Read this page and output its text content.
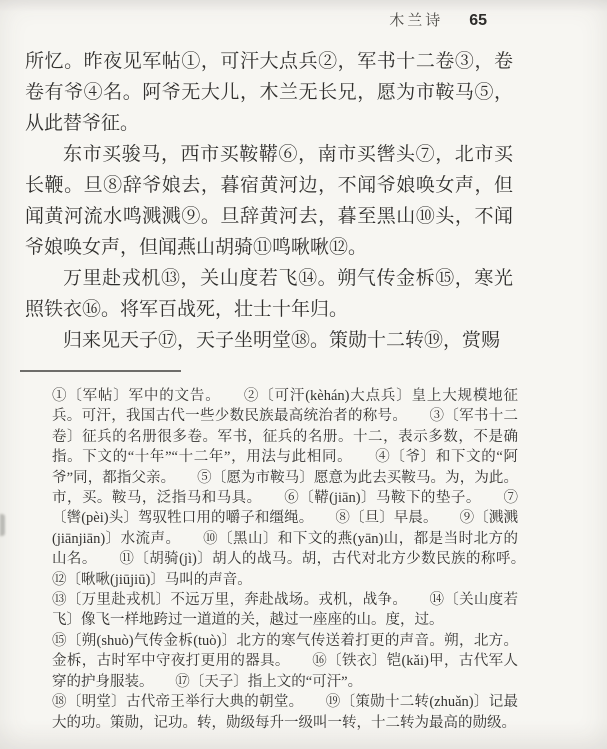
木兰诗 65

所忆。昨夜见军帖①，可汗大点兵②，军书十二卷③，卷卷有爷④名。阿爷无大儿，木兰无长兄，愿为市鞍马⑤，从此替爷征。

东市买骏马，西市买鞍鞯⑥，南市买辔头⑦，北市买长鞭。旦⑧辞爷娘去，暮宿黄河边，不闻爷娘唤女声，但闻黄河流水鸣溅溅⑨。旦辞黄河去，暮至黑山⑩头，不闻爷娘唤女声，但闻燕山胡骑⑪鸣啾啾⑫。

万里赴戎机⑬，关山度若飞⑭。朔气传金柝⑮，寒光照铁衣⑯。将军百战死，壮士十年归。

归来见天子⑰，天子坐明堂⑱。策勋十二转⑲，赏赐

①〔军帖〕军中的文告。　　②〔可汗(kèhán)大点兵〕皇上大规模地征兵。可汗，我国古代一些少数民族最高统治者的称号。　　③〔军书十二卷〕征兵的名册很多卷。军书，征兵的名册。十二，表示多数，不是确指。下文的“十年”“十二年”，用法与此相同。　　④〔爷〕和下文的“阿爷”同，都指父亲。　　⑤〔愿为市鞍马〕愿意为此去买鞍马。为，为此。市，买。鞍马，泛指马和马具。　　⑥〔鞯(jiān)〕马鞍下的垫子。　　⑦〔辔(pèi)头〕驾驭牲口用的嚼子和缰绳。　　⑧〔旦〕早晨。　　⑨〔溅溅(jiānjiān)〕水流声。　　⑩〔黑山〕和下文的燕(yān)山，都是当时北方的山名。　　⑪〔胡骑(jì)〕胡人的战马。胡，古代对北方少数民族的称呼。　　⑫〔啾啾(jiūjiū)〕马叫的声音。

⑬〔万里赴戎机〕不远万里，奔赴战场。戎机，战争。　　⑭〔关山度若飞〕像飞一样地跨过一道道的关，越过一座座的山。度，过。

⑮〔朔(shuò)气传金柝(tuò)〕北方的寒气传送着打更的声音。朔，北方。金柝，古时军中守夜打更用的器具。　　⑯〔铁衣〕铠(kǎi)甲，古代军人穿的护身服装。　　⑰〔天子〕指上文的“可汗”。

⑱〔明堂〕古代帝王举行大典的朝堂。　　⑲〔策勋十二转(zhuǎn)〕记最大的功。策勋，记功。转，勋级每升一级叫一转，十二转为最高的勋级。
